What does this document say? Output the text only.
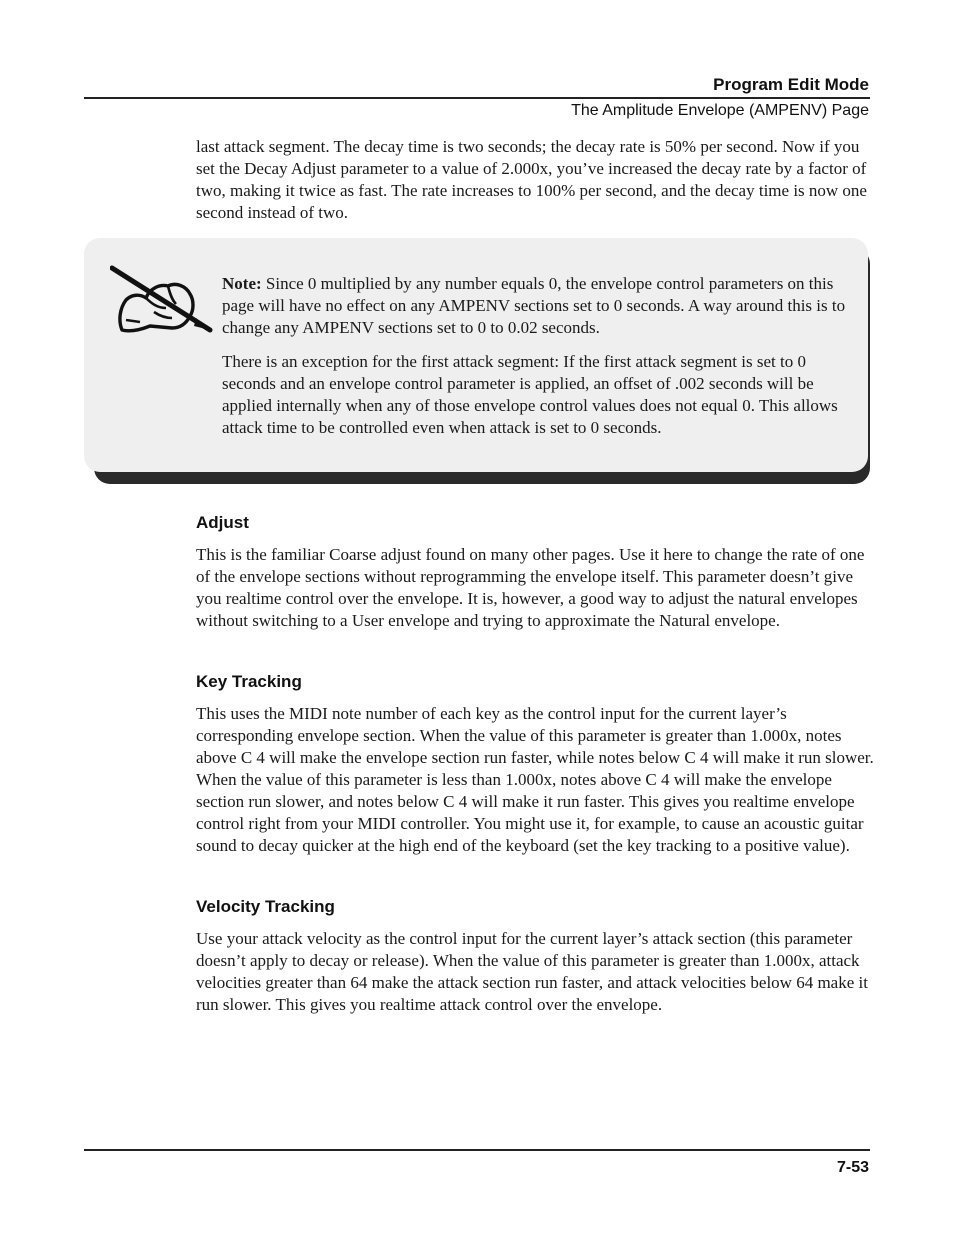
Program Edit Mode
The Amplitude Envelope (AMPENV) Page

last attack segment. The decay time is two seconds; the decay rate is 50% per second. Now if you set the Decay Adjust parameter to a value of 2.000x, you’ve increased the decay rate by a factor of two, making it twice as fast. The rate increases to 100% per second, and the decay time is now one second instead of two.

Note: Since 0 multiplied by any number equals 0, the envelope control parameters on this page will have no effect on any AMPENV sections set to 0 seconds. A way around this is to change any AMPENV sections set to 0 to 0.02 seconds.

There is an exception for the first attack segment: If the first attack segment is set to 0 seconds and an envelope control parameter is applied, an offset of .002 seconds will be applied internally when any of those envelope control values does not equal 0. This allows attack time to be controlled even when attack is set to 0 seconds.

Adjust

This is the familiar Coarse adjust found on many other pages. Use it here to change the rate of one of the envelope sections without reprogramming the envelope itself. This parameter doesn’t give you realtime control over the envelope. It is, however, a good way to adjust the natural envelopes without switching to a User envelope and trying to approximate the Natural envelope.

Key Tracking

This uses the MIDI note number of each key as the control input for the current layer’s corresponding envelope section. When the value of this parameter is greater than 1.000x, notes above C 4 will make the envelope section run faster, while notes below C 4 will make it run slower. When the value of this parameter is less than 1.000x, notes above C 4 will make the envelope section run slower, and notes below C 4 will make it run faster. This gives you realtime envelope control right from your MIDI controller. You might use it, for example, to cause an acoustic guitar sound to decay quicker at the high end of the keyboard (set the key tracking to a positive value).

Velocity Tracking

Use your attack velocity as the control input for the current layer’s attack section (this parameter doesn’t apply to decay or release). When the value of this parameter is greater than 1.000x, attack velocities greater than 64 make the attack section run faster, and attack velocities below 64 make it run slower. This gives you realtime attack control over the envelope.

7-53
